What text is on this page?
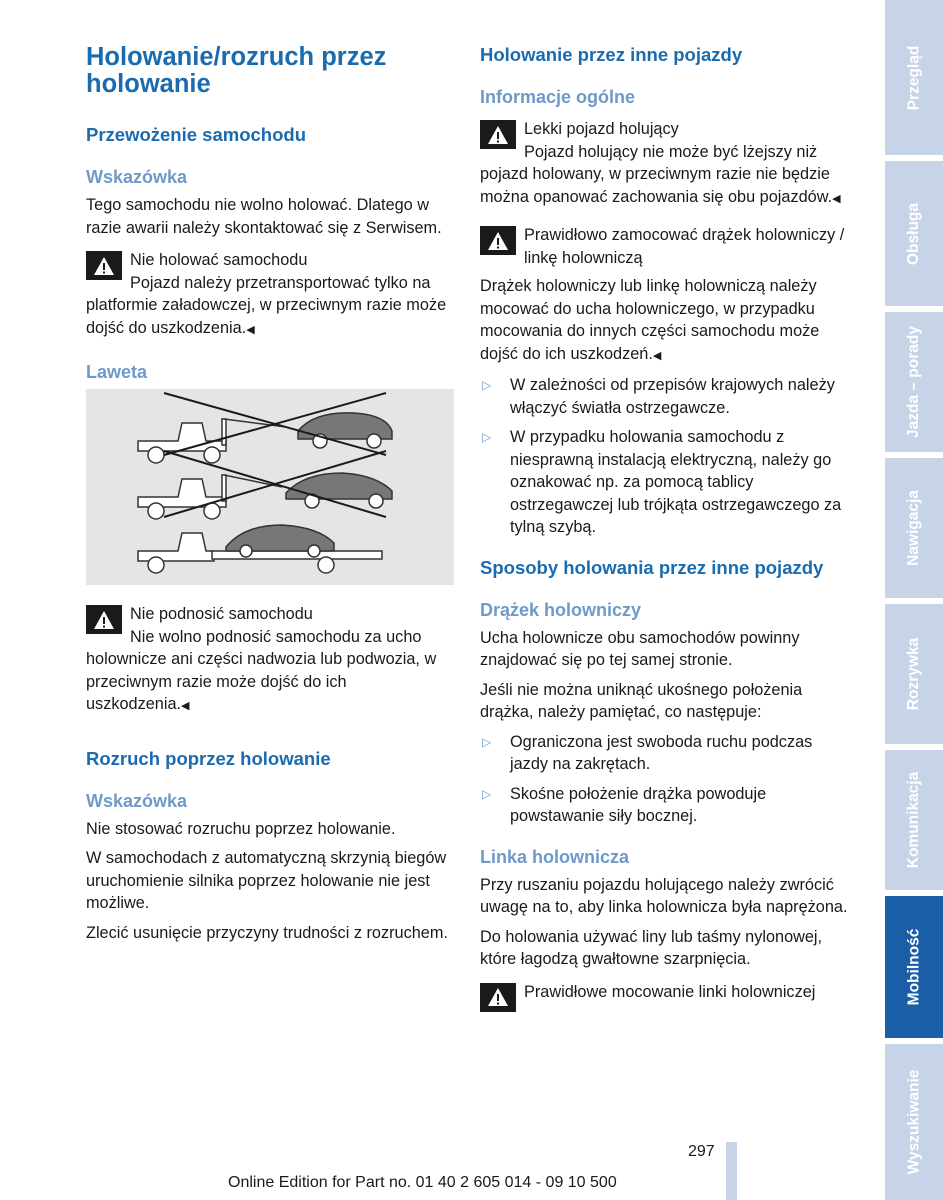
Holowanie/rozruch przez holowanie
Przewożenie samochodu
Wskazówka

Tego samochodu nie wolno holować. Dlatego w razie awarii należy skontaktować się z Serwisem.

Nie holować samochodu
Pojazd należy przetransportować tylko na platformie załadowczej, w przeciwnym razie może dojść do uszkodzenia.◀
Laweta
Nie podnosić samochodu
Nie wolno podnosić samochodu za ucho holownicze ani części nadwozia lub podwozia, w przeciwnym razie może dojść do ich uszkodzenia.◀
Rozruch poprzez holowanie
Wskazówka

Nie stosować rozruchu poprzez holowanie.

W samochodach z automatyczną skrzynią biegów uruchomienie silnika poprzez holowanie nie jest możliwe.

Zlecić usunięcie przyczyny trudności z rozruchem.

Holowanie przez inne pojazdy
Informacje ogólne
Lekki pojazd holujący
Pojazd holujący nie może być lżejszy niż pojazd holowany, w przeciwnym razie nie będzie można opanować zachowania się obu pojazdów.◀
Prawidłowo zamocować drążek holowniczy / linkę holowniczą

Drążek holowniczy lub linkę holowniczą należy mocować do ucha holowniczego, w przypadku mocowania do innych części samochodu może dojść do ich uszkodzeń.◀

▷ W zależności od przepisów krajowych należy włączyć światła ostrzegawcze.
▷ W przypadku holowania samochodu z niesprawną instalacją elektryczną, należy go oznakować np. za pomocą tablicy ostrzegawczej lub trójkąta ostrzegawczego za tylną szybą.
Sposoby holowania przez inne pojazdy
Drążek holowniczy

Ucha holownicze obu samochodów powinny znajdować się po tej samej stronie.

Jeśli nie można uniknąć ukośnego położenia drążka, należy pamiętać, co następuje:

▷ Ograniczona jest swoboda ruchu podczas jazdy na zakrętach.
▷ Skośne położenie drążka powoduje powstawanie siły bocznej.
Linka holownicza

Przy ruszaniu pojazdu holującego należy zwrócić uwagę na to, aby linka holownicza była naprężona.

Do holowania używać liny lub taśmy nylonowej, które łagodzą gwałtowne szarpnięcia.

Prawidłowe mocowanie linki holowniczej
Przegląd
Obsługa
Jazda – porady
Nawigacja
Rozrywka
Komunikacja
Mobilność
Wyszukiwanie
297
Online Edition for Part no. 01 40 2 605 014 - 09 10 500
